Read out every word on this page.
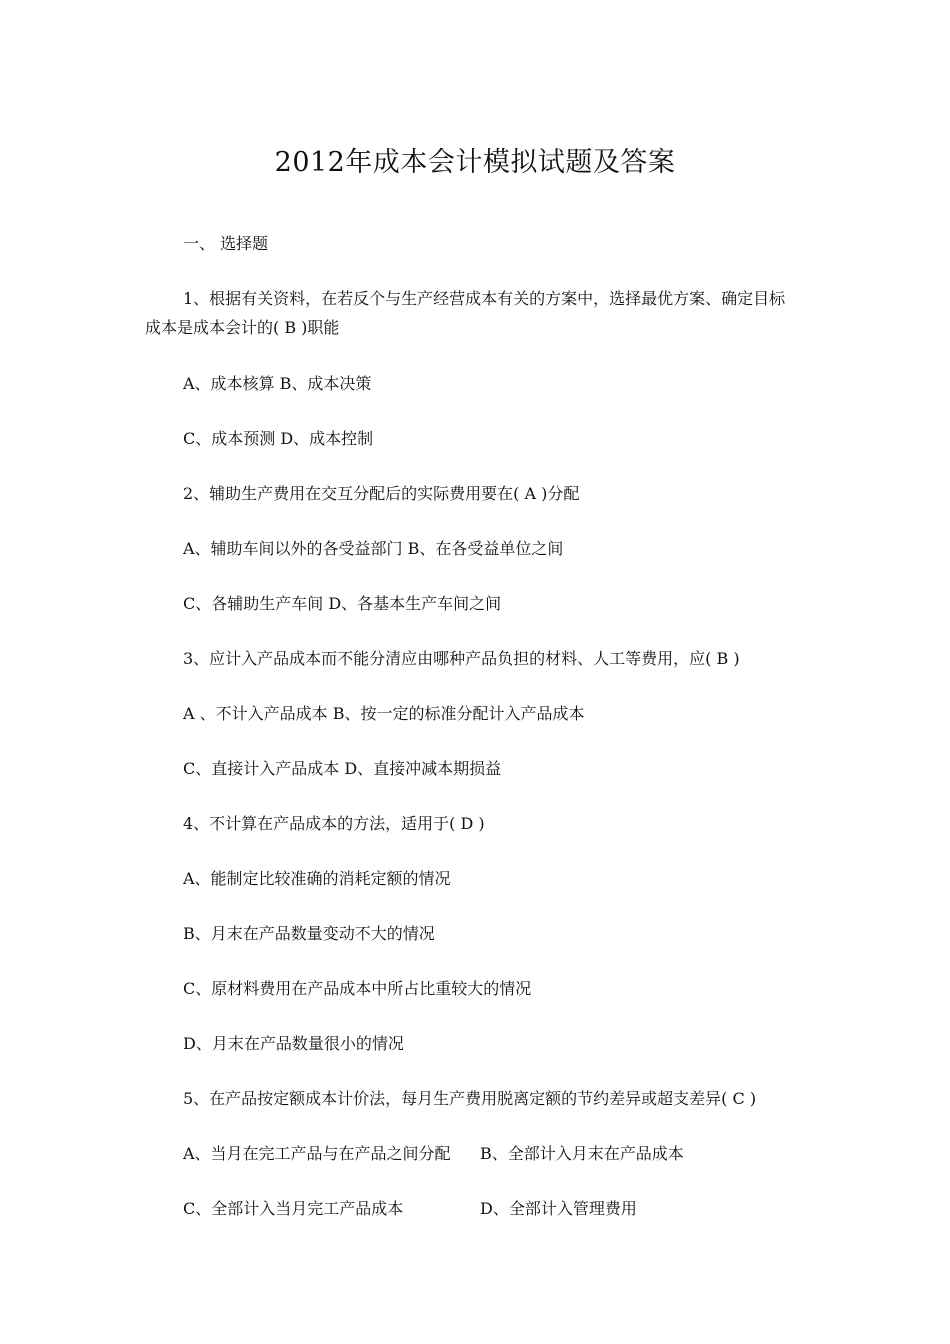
2012年成本会计模拟试题及答案
一、 选择题
1、根据有关资料，在若反个与生产经营成本有关的方案中，选择最优方案、确定目标
成本是成本会计的( B )职能
A、成本核算 B、成本决策
C、成本预测 D、成本控制
2、辅助生产费用在交互分配后的实际费用要在( A )分配
A、辅助车间以外的各受益部门 B、在各受益单位之间
C、各辅助生产车间 D、各基本生产车间之间
3、应计入产品成本而不能分清应由哪种产品负担的材料、人工等费用，应( B )
A 、不计入产品成本 B、按一定的标准分配计入产品成本
C、直接计入产品成本 D、直接冲减本期损益
4、不计算在产品成本的方法，适用于( D )
A、能制定比较准确的消耗定额的情况
B、月末在产品数量变动不大的情况
C、原材料费用在产品成本中所占比重较大的情况
D、月末在产品数量很小的情况
5、在产品按定额成本计价法，每月生产费用脱离定额的节约差异或超支差异( C )
A、当月在完工产品与在产品之间分配 B、全部计入月末在产品成本
C、全部计入当月完工产品成本	D、全部计入管理费用
